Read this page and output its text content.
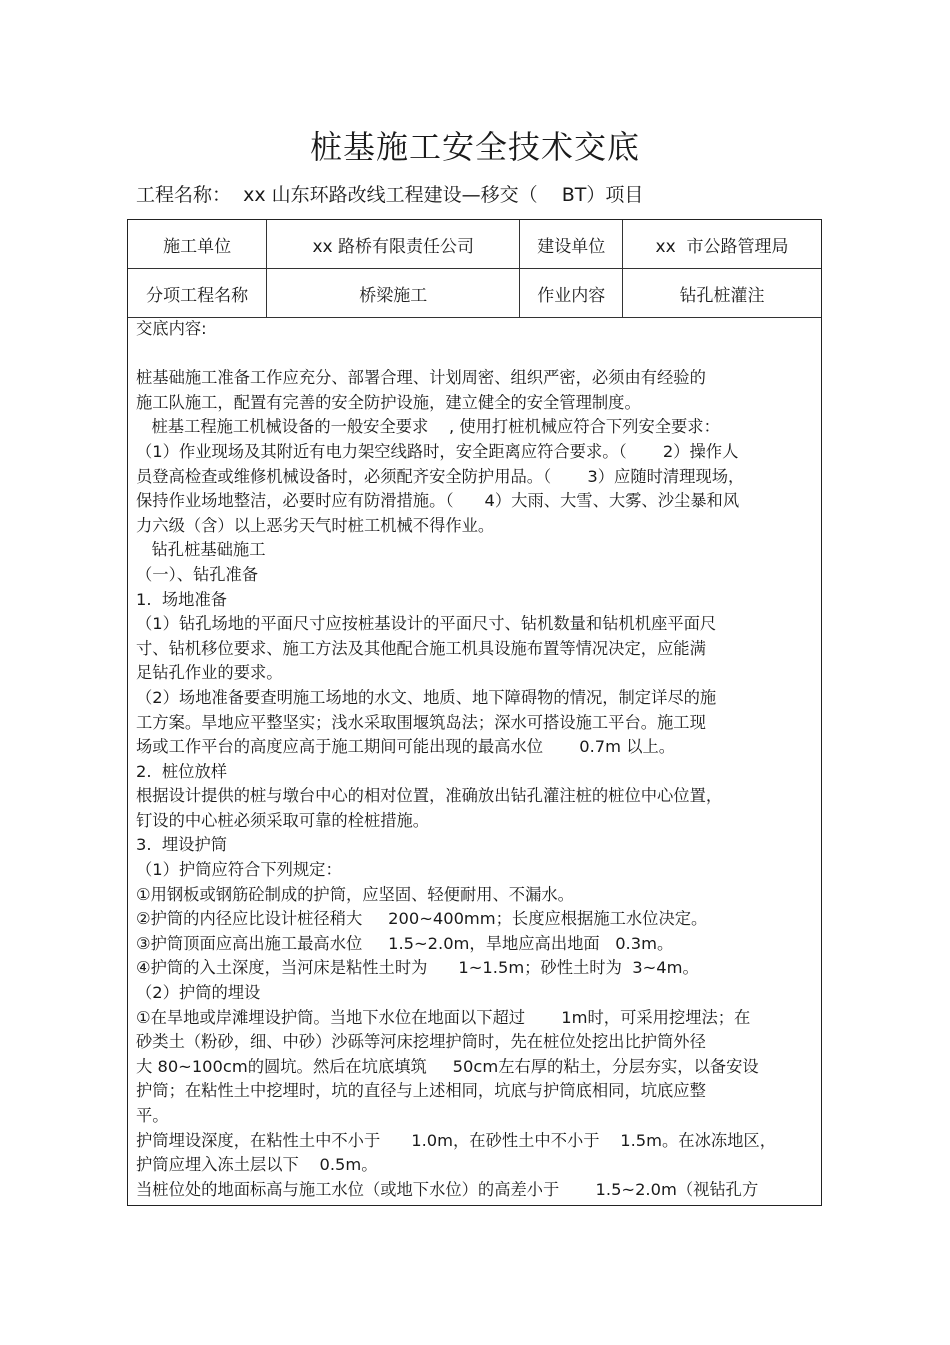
桩基施工安全技术交底
工程名称：  xx 山东环路改线工程建设—移交（    BT）项目
施工单位	xx 路桥有限责任公司	建设单位	xx  市公路管理局
分项工程名称	桥梁施工	作业内容	钻孔桩灌注
交底内容:
桩基础施工准备工作应充分、部署合理、计划周密、组织严密，必须由有经验的
施工队施工，配置有完善的安全防护设施，建立健全的安全管理制度。
桩基工程施工机械设备的一般安全要求    , 使用打桩机械应符合下列安全要求：
（1）作业现场及其附近有电力架空线路时，安全距离应符合要求。（       2）操作人
员登高检查或维修机械设备时，必须配齐安全防护用品。（       3）应随时清理现场，
保持作业场地整洁，必要时应有防滑措施。（      4）大雨、大雪、大雾、沙尘暴和风
力六级（含）以上恶劣天气时桩工机械不得作业。
钻孔桩基础施工
（一）、钻孔准备
1.  场地准备
（1）钻孔场地的平面尺寸应按桩基设计的平面尺寸、钻机数量和钻机机座平面尺
寸、钻机移位要求、施工方法及其他配合施工机具设施布置等情况决定，应能满
足钻孔作业的要求。
（2）场地准备要查明施工场地的水文、地质、地下障碍物的情况，制定详尽的施
工方案。旱地应平整坚实；浅水采取围堰筑岛法；深水可搭设施工平台。施工现
场或工作平台的高度应高于施工期间可能出现的最高水位       0.7m 以上。
2.  桩位放样
根据设计提供的桩与墩台中心的相对位置，准确放出钻孔灌注桩的桩位中心位置，
钉设的中心桩必须采取可靠的栓桩措施。
3.  埋设护筒
（1）护筒应符合下列规定：
①用钢板或钢筋砼制成的护筒，应坚固、轻便耐用、不漏水。
②护筒的内径应比设计桩径稍大     200~400mm；长度应根据施工水位决定。
③护筒顶面应高出施工最高水位     1.5~2.0m，旱地应高出地面   0.3m。
④护筒的入土深度，当河床是粘性土时为      1~1.5m；砂性土时为  3~4m。
（2）护筒的埋设
①在旱地或岸滩埋设护筒。当地下水位在地面以下超过       1m时，可采用挖埋法；在
砂类土（粉砂，细、中砂）沙砾等河床挖埋护筒时，先在桩位处挖出比护筒外径
大 80~100cm的圆坑。然后在坑底填筑     50cm左右厚的粘土，分层夯实，以备安设
护筒；在粘性土中挖埋时，坑的直径与上述相同，坑底与护筒底相同，坑底应整
平。
护筒埋设深度，在粘性土中不小于      1.0m，在砂性土中不小于    1.5m。在冰冻地区，
护筒应埋入冻土层以下    0.5m。
当桩位处的地面标高与施工水位（或地下水位）的高差小于       1.5~2.0m（视钻孔方
